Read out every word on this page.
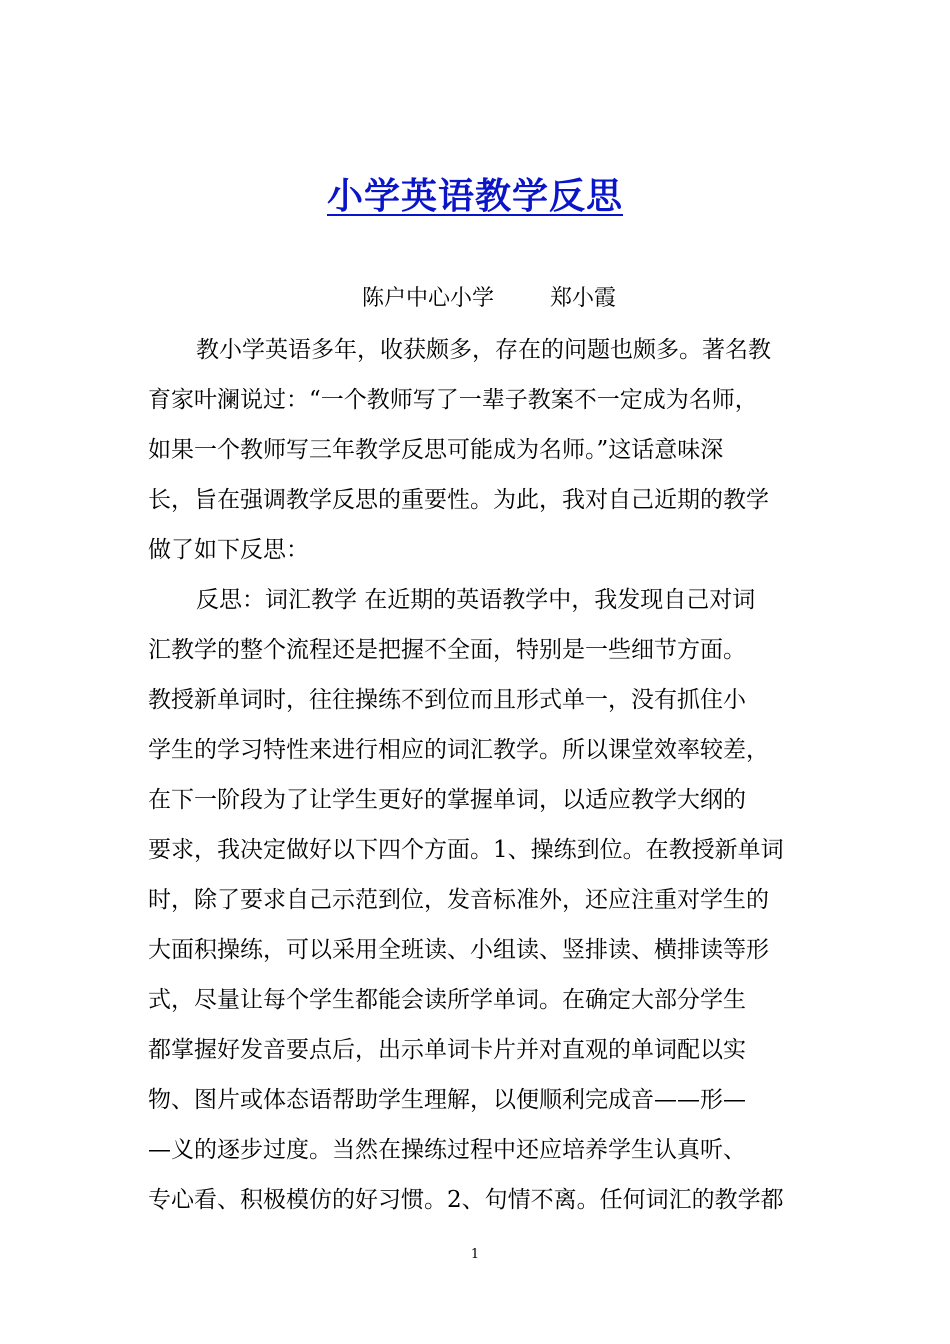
小学英语教学反思
陈户中心小学        郑小霞
教小学英语多年，收获颇多，存在的问题也颇多。著名教
育家叶澜说过：“一个教师写了一辈子教案不一定成为名师，
如果一个教师写三年教学反思可能成为名师。”这话意味深
长，旨在强调教学反思的重要性。为此，我对自己近期的教学
做了如下反思：
反思：词汇教学 在近期的英语教学中，我发现自己对词
汇教学的整个流程还是把握不全面，特别是一些细节方面。
教授新单词时，往往操练不到位而且形式单一，没有抓住小
学生的学习特性来进行相应的词汇教学。所以课堂效率较差，
在下一阶段为了让学生更好的掌握单词，以适应教学大纲的
要求，我决定做好以下四个方面。1、操练到位。在教授新单词
时，除了要求自己示范到位，发音标准外，还应注重对学生的
大面积操练，可以采用全班读、小组读、竖排读、横排读等形
式，尽量让每个学生都能会读所学单词。在确定大部分学生
都掌握好发音要点后，出示单词卡片并对直观的单词配以实
物、图片或体态语帮助学生理解，以便顺利完成音——形—
—义的逐步过度。当然在操练过程中还应培养学生认真听、
专心看、积极模仿的好习惯。2、句情不离。任何词汇的教学都
1
